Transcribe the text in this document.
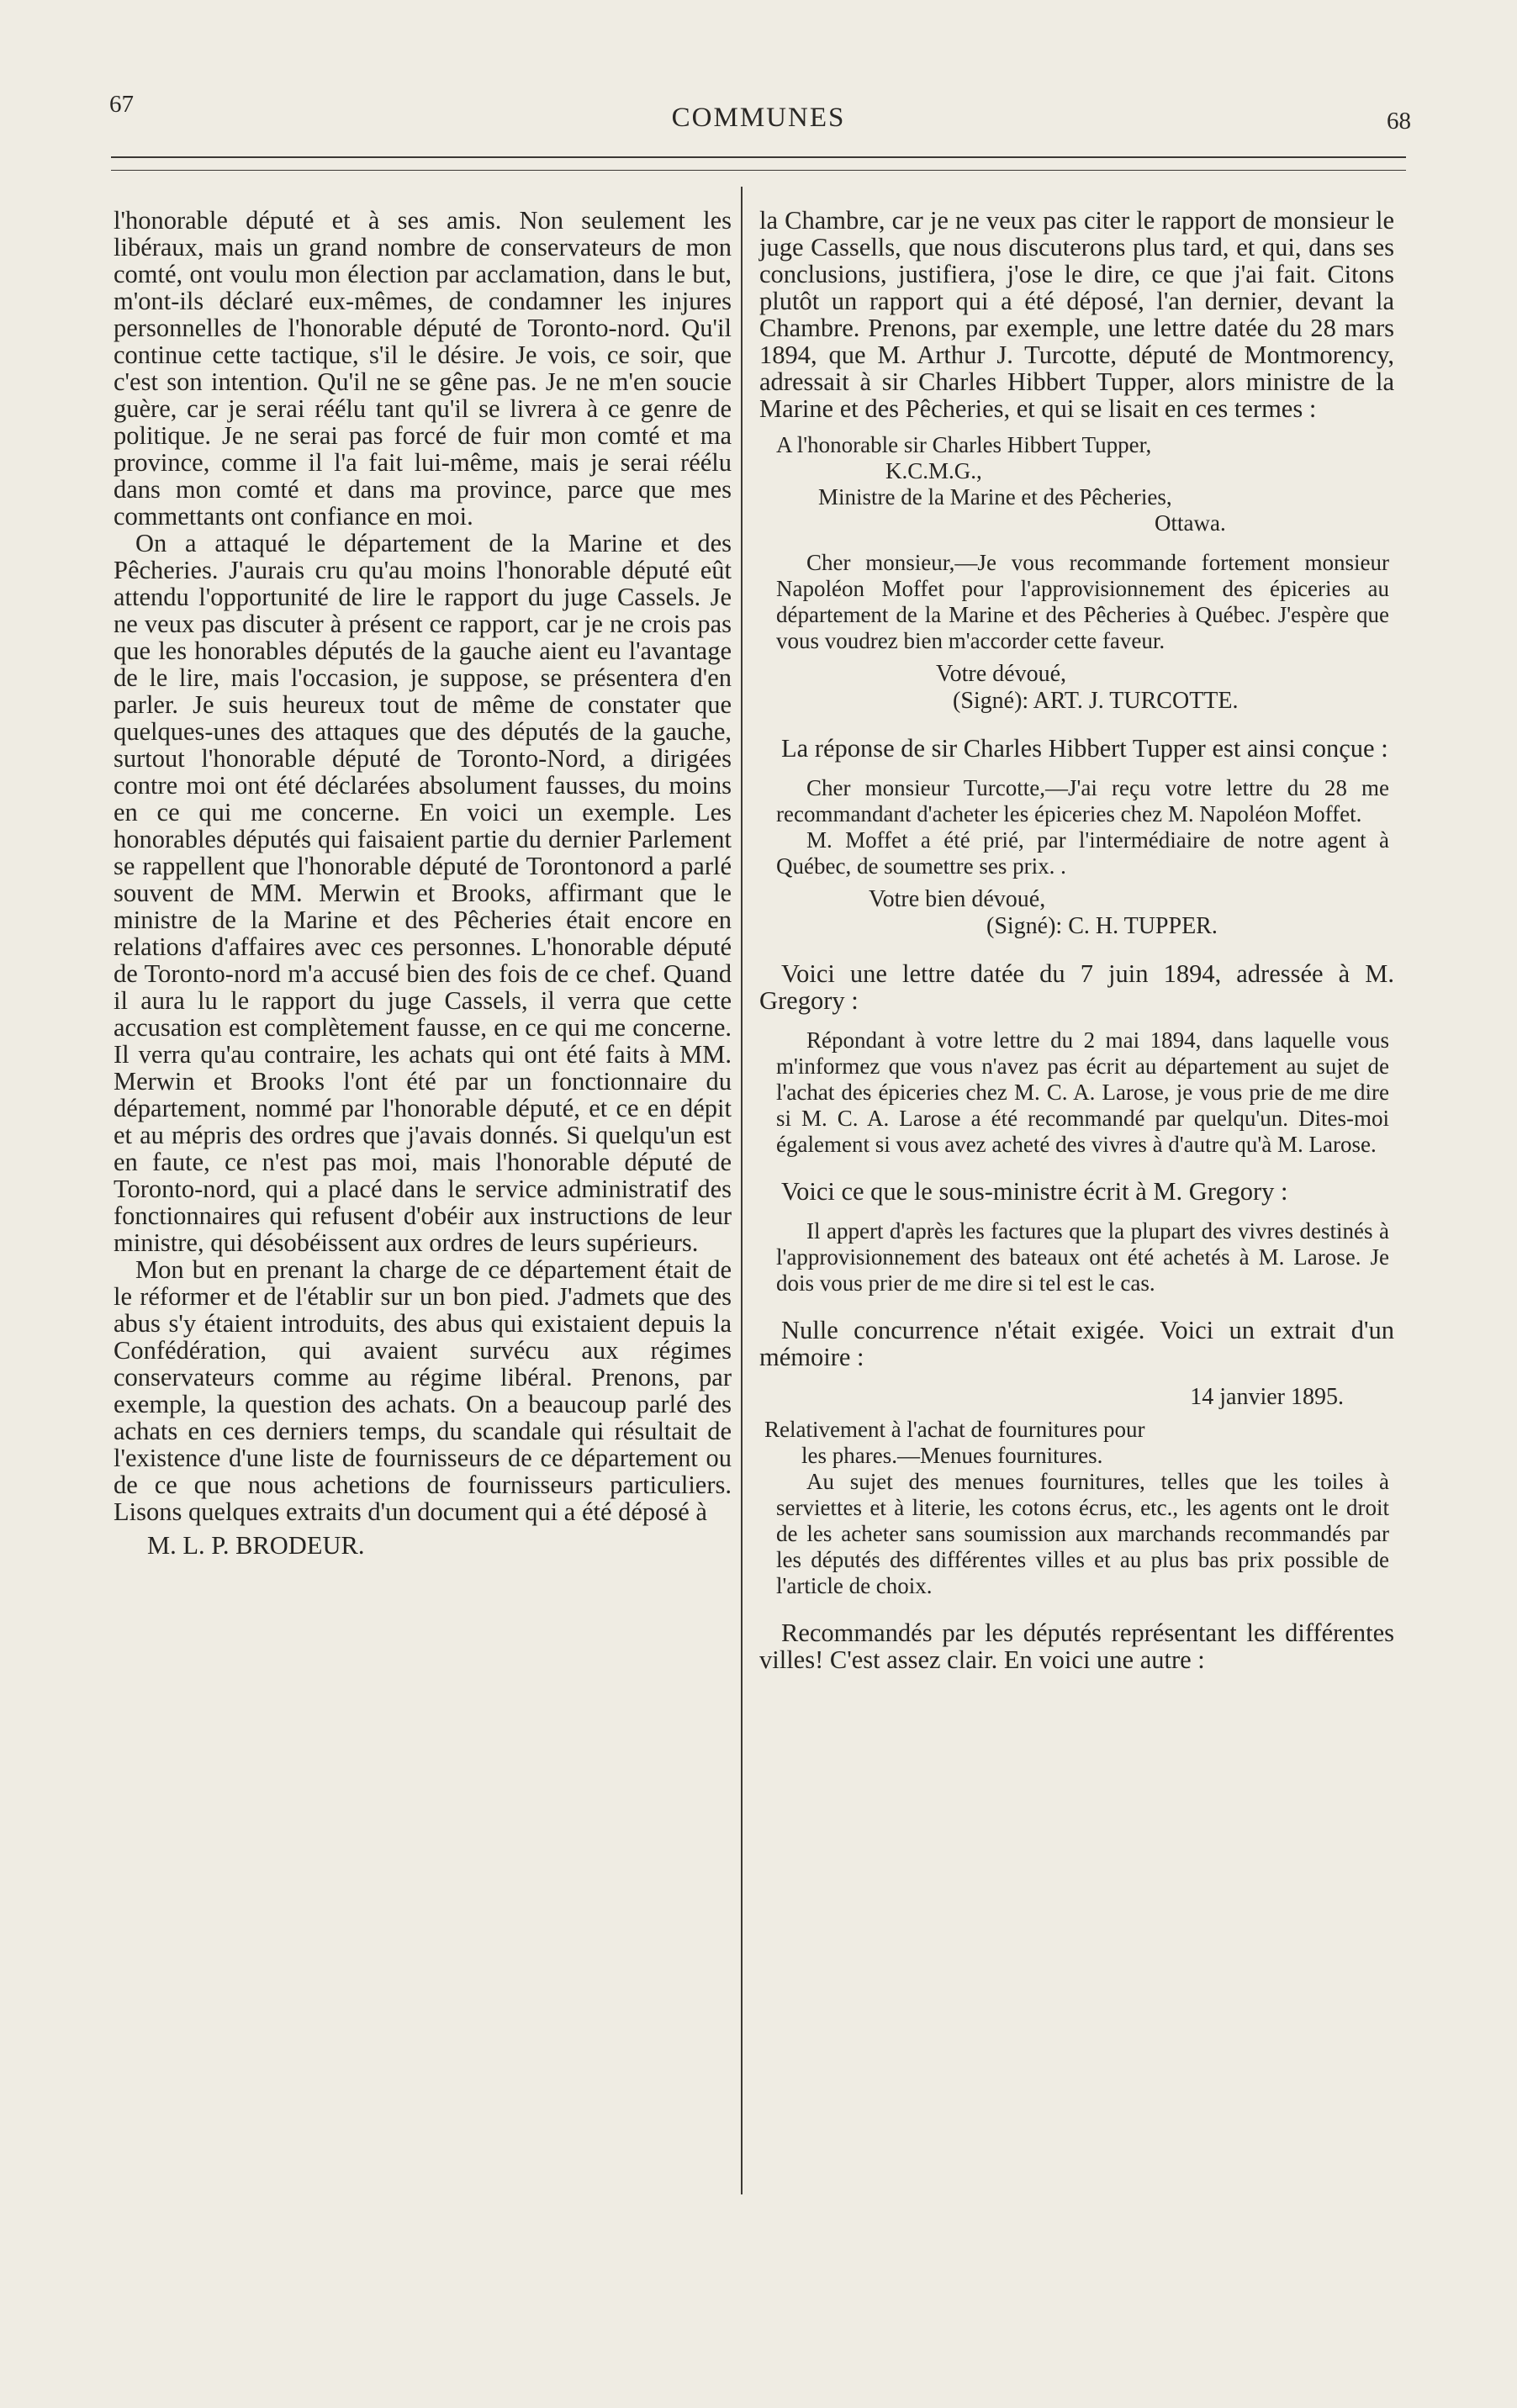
67	COMMUNES	68

l'honorable député et à ses amis. Non seulement les libéraux, mais un grand nombre de conservateurs de mon comté, ont voulu mon élection par acclamation, dans le but, m'ont-ils déclaré eux-mêmes, de condamner les injures personnelles de l'honorable député de Toronto-nord. Qu'il continue cette tactique, s'il le désire. Je vois, ce soir, que c'est son intention. Qu'il ne se gêne pas. Je ne m'en soucie guère, car je serai réélu tant qu'il se livrera à ce genre de politique. Je ne serai pas forcé de fuir mon comté et ma province, comme il l'a fait lui-même, mais je serai réélu dans mon comté et dans ma province, parce que mes commettants ont confiance en moi.

On a attaqué le département de la Marine et des Pêcheries. J'aurais cru qu'au moins l'honorable député eût attendu l'opportunité de lire le rapport du juge Cassels. Je ne veux pas discuter à présent ce rapport, car je ne crois pas que les honorables députés de la gauche aient eu l'avantage de le lire, mais l'occasion, je suppose, se présentera d'en parler. Je suis heureux tout de même de constater que quelques-unes des attaques que des députés de la gauche, surtout l'honorable député de Toronto-Nord, a dirigées contre moi ont été déclarées absolument fausses, du moins en ce qui me concerne. En voici un exemple. Les honorables députés qui faisaient partie du dernier Parlement se rappellent que l'honorable député de Torontonord a parlé souvent de MM. Merwin et Brooks, affirmant que le ministre de la Marine et des Pêcheries était encore en relations d'affaires avec ces personnes. L'honorable député de Toronto-nord m'a accusé bien des fois de ce chef. Quand il aura lu le rapport du juge Cassels, il verra que cette accusation est complètement fausse, en ce qui me concerne. Il verra qu'au contraire, les achats qui ont été faits à MM. Merwin et Brooks l'ont été par un fonctionnaire du département, nommé par l'honorable député, et ce en dépit et au mépris des ordres que j'avais donnés. Si quelqu'un est en faute, ce n'est pas moi, mais l'honorable député de Toronto-nord, qui a placé dans le service administratif des fonctionnaires qui refusent d'obéir aux instructions de leur ministre, qui désobéissent aux ordres de leurs supérieurs.

Mon but en prenant la charge de ce département était de le réformer et de l'établir sur un bon pied. J'admets que des abus s'y étaient introduits, des abus qui existaient depuis la Confédération, qui avaient survécu aux régimes conservateurs comme au régime libéral. Prenons, par exemple, la question des achats. On a beaucoup parlé des achats en ces derniers temps, du scandale qui résultait de l'existence d'une liste de fournisseurs de ce département ou de ce que nous achetions de fournisseurs particuliers. Lisons quelques extraits d'un document qui a été déposé à

M. L. P. BRODEUR.

la Chambre, car je ne veux pas citer le rapport de monsieur le juge Cassells, que nous discuterons plus tard, et qui, dans ses conclusions, justifiera, j'ose le dire, ce que j'ai fait. Citons plutôt un rapport qui a été déposé, l'an dernier, devant la Chambre. Prenons, par exemple, une lettre datée du 28 mars 1894, que M. Arthur J. Turcotte, député de Montmorency, adressait à sir Charles Hibbert Tupper, alors ministre de la Marine et des Pêcheries, et qui se lisait en ces termes :

A l'honorable sir Charles Hibbert Tupper,
K.C.M.G.,
Ministre de la Marine et des Pêcheries,
Ottawa.
Cher monsieur,—Je vous recommande fortement monsieur Napoléon Moffet pour l'approvisionnement des épiceries au département de la Marine et des Pêcheries à Québec. J'espère que vous voudrez bien m'accorder cette faveur.
Votre dévoué,
(Signé): ART. J. TURCOTTE.

La réponse de sir Charles Hibbert Tupper est ainsi conçue :

Cher monsieur Turcotte,—J'ai reçu votre lettre du 28 me recommandant d'acheter les épiceries chez M. Napoléon Moffet.
M. Moffet a été prié, par l'intermédiaire de notre agent à Québec, de soumettre ses prix. .
Votre bien dévoué,
(Signé): C. H. TUPPER.

Voici une lettre datée du 7 juin 1894, adressée à M. Gregory :

Répondant à votre lettre du 2 mai 1894, dans laquelle vous m'informez que vous n'avez pas écrit au département au sujet de l'achat des épiceries chez M. C. A. Larose, je vous prie de me dire si M. C. A. Larose a été recommandé par quelqu'un. Dites-moi également si vous avez acheté des vivres à d'autre qu'à M. Larose.

Voici ce que le sous-ministre écrit à M. Gregory :

Il appert d'après les factures que la plupart des vivres destinés à l'approvisionnement des bateaux ont été achetés à M. Larose. Je dois vous prier de me dire si tel est le cas.

Nulle concurrence n'était exigée. Voici un extrait d'un mémoire :

14 janvier 1895.
Relativement à l'achat de fournitures pour
les phares.—Menues fournitures.
Au sujet des menues fournitures, telles que les toiles à serviettes et à literie, les cotons écrus, etc., les agents ont le droit de les acheter sans soumission aux marchands recommandés par les députés des différentes villes et au plus bas prix possible de l'article de choix.

Recommandés par les députés représentant les différentes villes! C'est assez clair. En voici une autre :
